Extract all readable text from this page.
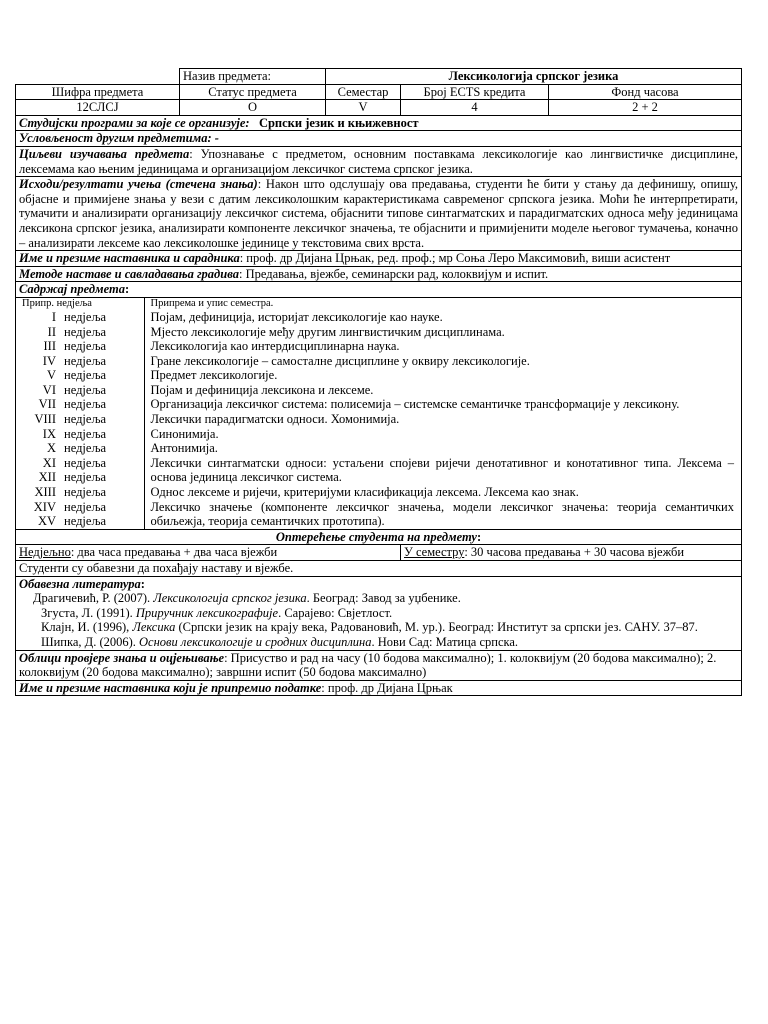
	Назив предмета:	Лексикологија српског језика
Шифра предмета	Статус предмета	Семестар	Број ECTS кредита	Фонд часова
12СЛСЈ	О	V	4	2 + 2
Студијски програми за које се организује: Српски језик и књижевност
Условљеност другим предметима: -
Циљеви изучавања предмета: Упознавање с предметом, основним поставкама лексикологије као лингвистичке дисциплине, лексемама као њеним јединицама и организацијом лексичког система српског језика.
Исходи/резултати учења (стечена знања): Након што одслушају ова предавања, студенти ће бити у стању да дефинишу, опишу, објасне и примијене знања у вези с датим лексиколошким карактеристикама савременог српскога језика. Моћи ће интерпретирати, тумачити и анализирати организацију лексичког система, објаснити типове синтагматских и парадигматских односа међу јединицама лексикона српског језика, анализирати компоненте лексичког значења, те објаснити и примијенити моделе његовог тумачења, коначно – анализирати лексеме као лексиколошке јединице у текстовима свих врста.
Име и презиме наставника и сарадника: проф. др Дијана Црњак, ред. проф.; мр Соња Леро Максимовић, виши асистент
Методе наставе и савладавања градива: Предавања, вјежбе, семинарски рад, колоквијум и испит.
Садржај предмета:

Припр. недјеља	Припрема и упис семестра.
I недјеља	Појам, дефиниција, историјат лексикологије као науке.
II недјеља	Мјесто лексикологије међу другим лингвистичким дисциплинама.
III недјеља	Лексикологија као интердисциплинарна наука.
IV недјеља	Гране лексикологије – самосталне дисциплине у оквиру лексикологије.
V недјеља	Предмет лексикологије.
VI недјеља	Појам и дефиниција лексикона и лексеме.
VII недјеља	Организација лексичког система: полисемија – системске семантичке трансформације у лексикону.
VIII недјеља	Лексички парадигматски односи. Хомонимија.
IX недјеља	Синонимија.
X недјеља	Антонимија.
XI недјеља	Лексички синтагматски односи: устаљени спојеви ријечи денотативног и конотативног типа. Лексема – основа јединица лексичког система.
XII недјеља
XIII недјеља	Однос лексеме и ријечи, критеријуми класификација лексема. Лексема као знак.
XIV недјеља	Лексичко значење (компоненте лексичког значења, модели лексичког значења: теорија семантичких обиљежја, теорија семантичких прототипа).
XV недјеља

Оптерећење студента на предмету:
Недјељно: два часа предавања + два часа вјежби	У семестру: 30 часова предавања + 30 часова вјежби
Студенти су обавезни да похађају наставу и вјежбе.

Обавезна литература:
Драгичевић, Р. (2007). Лексикологија српског језика. Београд: Завод за уџбенике.
Згуста, Л. (1991). Приручник лексикографије. Сарајево: Свјетлост.
Клајн, И. (1996), Лексика (Српски језик на крају века, Радовановић, М. ур.). Београд: Институт за српски јез. САНУ. 37–87.
Шипка, Д. (2006). Основи лексикологије и сродних дисциплина. Нови Сад: Матица српска.

Облици провјере знања и оцјењивање: Присуство и рад на часу (10 бодова максимално); 1. колоквијум (20 бодова максимално); 2. колоквијум (20 бодова максимално); завршни испит (50 бодова максимално)
Име и презиме наставника који је припремио податке: проф. др Дијана Црњак
